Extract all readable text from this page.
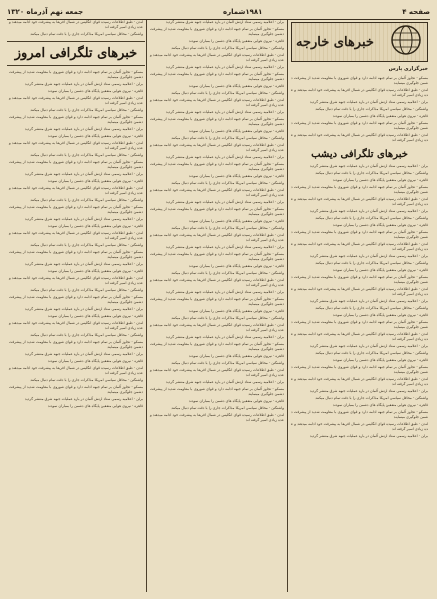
صفحه ۴
۱۹۸۱شماره
جمعه نهم آذرماه ۱۳۲۰

لندن - طبق اطلاعات رسیده قوای انگلیس در شمال افریقا به پیشرفت خود ادامه میدهند و عده زیادی اسیر گرفته اند

واشنگتن - محافل سیاسی امریکا مذاکرات جاری را با دقت تمام دنبال میکنند

خبرهای تلگرافی امروز

مسکو - تجاوز آلمان بر تمام جبهه ادامه دارد و قوای شوروی با مقاومت شدید از پیشرفت دشمن جلوگیری مینمایند

برلن - اعلامیه رسمی ستاد ارتش آلمان در باره عملیات جبهه شرق منتشر گردید

قاهره - نیروی هوایی متفقین پایگاه های دشمن را بمباران نمودند

لندن - طبق اطلاعات رسیده قوای انگلیس در شمال افریقا به پیشرفت خود ادامه میدهند و عده زیادی اسیر گرفته اند

واشنگتن - محافل سیاسی امریکا مذاکرات جاری را با دقت تمام دنبال میکنند

مسکو - تجاوز آلمان بر تمام جبهه ادامه دارد و قوای شوروی با مقاومت شدید از پیشرفت دشمن جلوگیری مینمایند

برلن - اعلامیه رسمی ستاد ارتش آلمان در باره عملیات جبهه شرق منتشر گردید

قاهره - نیروی هوایی متفقین پایگاه های دشمن را بمباران نمودند

لندن - طبق اطلاعات رسیده قوای انگلیس در شمال افریقا به پیشرفت خود ادامه میدهند و عده زیادی اسیر گرفته اند

واشنگتن - محافل سیاسی امریکا مذاکرات جاری را با دقت تمام دنبال میکنند

مسکو - تجاوز آلمان بر تمام جبهه ادامه دارد و قوای شوروی با مقاومت شدید از پیشرفت دشمن جلوگیری مینمایند

برلن - اعلامیه رسمی ستاد ارتش آلمان در باره عملیات جبهه شرق منتشر گردید

قاهره - نیروی هوایی متفقین پایگاه های دشمن را بمباران نمودند

لندن - طبق اطلاعات رسیده قوای انگلیس در شمال افریقا به پیشرفت خود ادامه میدهند و عده زیادی اسیر گرفته اند

واشنگتن - محافل سیاسی امریکا مذاکرات جاری را با دقت تمام دنبال میکنند

مسکو - تجاوز آلمان بر تمام جبهه ادامه دارد و قوای شوروی با مقاومت شدید از پیشرفت دشمن جلوگیری مینمایند

برلن - اعلامیه رسمی ستاد ارتش آلمان در باره عملیات جبهه شرق منتشر گردید

قاهره - نیروی هوایی متفقین پایگاه های دشمن را بمباران نمودند

لندن - طبق اطلاعات رسیده قوای انگلیس در شمال افریقا به پیشرفت خود ادامه میدهند و عده زیادی اسیر گرفته اند

واشنگتن - محافل سیاسی امریکا مذاکرات جاری را با دقت تمام دنبال میکنند

مسکو - تجاوز آلمان بر تمام جبهه ادامه دارد و قوای شوروی با مقاومت شدید از پیشرفت دشمن جلوگیری مینمایند

برلن - اعلامیه رسمی ستاد ارتش آلمان در باره عملیات جبهه شرق منتشر گردید

قاهره - نیروی هوایی متفقین پایگاه های دشمن را بمباران نمودند

لندن - طبق اطلاعات رسیده قوای انگلیس در شمال افریقا به پیشرفت خود ادامه میدهند و عده زیادی اسیر گرفته اند

واشنگتن - محافل سیاسی امریکا مذاکرات جاری را با دقت تمام دنبال میکنند

مسکو - تجاوز آلمان بر تمام جبهه ادامه دارد و قوای شوروی با مقاومت شدید از پیشرفت دشمن جلوگیری مینمایند

برلن - اعلامیه رسمی ستاد ارتش آلمان در باره عملیات جبهه شرق منتشر گردید

قاهره - نیروی هوایی متفقین پایگاه های دشمن را بمباران نمودند

لندن - طبق اطلاعات رسیده قوای انگلیس در شمال افریقا به پیشرفت خود ادامه میدهند و عده زیادی اسیر گرفته اند

واشنگتن - محافل سیاسی امریکا مذاکرات جاری را با دقت تمام دنبال میکنند

مسکو - تجاوز آلمان بر تمام جبهه ادامه دارد و قوای شوروی با مقاومت شدید از پیشرفت دشمن جلوگیری مینمایند

برلن - اعلامیه رسمی ستاد ارتش آلمان در باره عملیات جبهه شرق منتشر گردید

قاهره - نیروی هوایی متفقین پایگاه های دشمن را بمباران نمودند

لندن - طبق اطلاعات رسیده قوای انگلیس در شمال افریقا به پیشرفت خود ادامه میدهند و عده زیادی اسیر گرفته اند

واشنگتن - محافل سیاسی امریکا مذاکرات جاری را با دقت تمام دنبال میکنند

مسکو - تجاوز آلمان بر تمام جبهه ادامه دارد و قوای شوروی با مقاومت شدید از پیشرفت دشمن جلوگیری مینمایند

برلن - اعلامیه رسمی ستاد ارتش آلمان در باره عملیات جبهه شرق منتشر گردید

قاهره - نیروی هوایی متفقین پایگاه های دشمن را بمباران نمودند

برلن - اعلامیه رسمی ستاد ارتش آلمان در باره عملیات جبهه شرق منتشر گردید

مسکو - تجاوز آلمان بر تمام جبهه ادامه دارد و قوای شوروی با مقاومت شدید از پیشرفت دشمن جلوگیری مینمایند

قاهره - نیروی هوایی متفقین پایگاه های دشمن را بمباران نمودند

واشنگتن - محافل سیاسی امریکا مذاکرات جاری را با دقت تمام دنبال میکنند

لندن - طبق اطلاعات رسیده قوای انگلیس در شمال افریقا به پیشرفت خود ادامه میدهند و عده زیادی اسیر گرفته اند

برلن - اعلامیه رسمی ستاد ارتش آلمان در باره عملیات جبهه شرق منتشر گردید

مسکو - تجاوز آلمان بر تمام جبهه ادامه دارد و قوای شوروی با مقاومت شدید از پیشرفت دشمن جلوگیری مینمایند

قاهره - نیروی هوایی متفقین پایگاه های دشمن را بمباران نمودند

واشنگتن - محافل سیاسی امریکا مذاکرات جاری را با دقت تمام دنبال میکنند

لندن - طبق اطلاعات رسیده قوای انگلیس در شمال افریقا به پیشرفت خود ادامه میدهند و عده زیادی اسیر گرفته اند

برلن - اعلامیه رسمی ستاد ارتش آلمان در باره عملیات جبهه شرق منتشر گردید

مسکو - تجاوز آلمان بر تمام جبهه ادامه دارد و قوای شوروی با مقاومت شدید از پیشرفت دشمن جلوگیری مینمایند

قاهره - نیروی هوایی متفقین پایگاه های دشمن را بمباران نمودند

واشنگتن - محافل سیاسی امریکا مذاکرات جاری را با دقت تمام دنبال میکنند

لندن - طبق اطلاعات رسیده قوای انگلیس در شمال افریقا به پیشرفت خود ادامه میدهند و عده زیادی اسیر گرفته اند

برلن - اعلامیه رسمی ستاد ارتش آلمان در باره عملیات جبهه شرق منتشر گردید

مسکو - تجاوز آلمان بر تمام جبهه ادامه دارد و قوای شوروی با مقاومت شدید از پیشرفت دشمن جلوگیری مینمایند

قاهره - نیروی هوایی متفقین پایگاه های دشمن را بمباران نمودند

واشنگتن - محافل سیاسی امریکا مذاکرات جاری را با دقت تمام دنبال میکنند

لندن - طبق اطلاعات رسیده قوای انگلیس در شمال افریقا به پیشرفت خود ادامه میدهند و عده زیادی اسیر گرفته اند

برلن - اعلامیه رسمی ستاد ارتش آلمان در باره عملیات جبهه شرق منتشر گردید

مسکو - تجاوز آلمان بر تمام جبهه ادامه دارد و قوای شوروی با مقاومت شدید از پیشرفت دشمن جلوگیری مینمایند

قاهره - نیروی هوایی متفقین پایگاه های دشمن را بمباران نمودند

واشنگتن - محافل سیاسی امریکا مذاکرات جاری را با دقت تمام دنبال میکنند

لندن - طبق اطلاعات رسیده قوای انگلیس در شمال افریقا به پیشرفت خود ادامه میدهند و عده زیادی اسیر گرفته اند

برلن - اعلامیه رسمی ستاد ارتش آلمان در باره عملیات جبهه شرق منتشر گردید

مسکو - تجاوز آلمان بر تمام جبهه ادامه دارد و قوای شوروی با مقاومت شدید از پیشرفت دشمن جلوگیری مینمایند

قاهره - نیروی هوایی متفقین پایگاه های دشمن را بمباران نمودند

واشنگتن - محافل سیاسی امریکا مذاکرات جاری را با دقت تمام دنبال میکنند

لندن - طبق اطلاعات رسیده قوای انگلیس در شمال افریقا به پیشرفت خود ادامه میدهند و عده زیادی اسیر گرفته اند

برلن - اعلامیه رسمی ستاد ارتش آلمان در باره عملیات جبهه شرق منتشر گردید

مسکو - تجاوز آلمان بر تمام جبهه ادامه دارد و قوای شوروی با مقاومت شدید از پیشرفت دشمن جلوگیری مینمایند

قاهره - نیروی هوایی متفقین پایگاه های دشمن را بمباران نمودند

واشنگتن - محافل سیاسی امریکا مذاکرات جاری را با دقت تمام دنبال میکنند

لندن - طبق اطلاعات رسیده قوای انگلیس در شمال افریقا به پیشرفت خود ادامه میدهند و عده زیادی اسیر گرفته اند

برلن - اعلامیه رسمی ستاد ارتش آلمان در باره عملیات جبهه شرق منتشر گردید

مسکو - تجاوز آلمان بر تمام جبهه ادامه دارد و قوای شوروی با مقاومت شدید از پیشرفت دشمن جلوگیری مینمایند

قاهره - نیروی هوایی متفقین پایگاه های دشمن را بمباران نمودند

واشنگتن - محافل سیاسی امریکا مذاکرات جاری را با دقت تمام دنبال میکنند

لندن - طبق اطلاعات رسیده قوای انگلیس در شمال افریقا به پیشرفت خود ادامه میدهند و عده زیادی اسیر گرفته اند

برلن - اعلامیه رسمی ستاد ارتش آلمان در باره عملیات جبهه شرق منتشر گردید

مسکو - تجاوز آلمان بر تمام جبهه ادامه دارد و قوای شوروی با مقاومت شدید از پیشرفت دشمن جلوگیری مینمایند

قاهره - نیروی هوایی متفقین پایگاه های دشمن را بمباران نمودند

واشنگتن - محافل سیاسی امریکا مذاکرات جاری را با دقت تمام دنبال میکنند

لندن - طبق اطلاعات رسیده قوای انگلیس در شمال افریقا به پیشرفت خود ادامه میدهند و عده زیادی اسیر گرفته اند

خبرهای خارجه
خبرگزاری پارس

مسکو - تجاوز آلمان بر تمام جبهه ادامه دارد و قوای شوروی با مقاومت شدید از پیشرفت دشمن جلوگیری مینمایند

لندن - طبق اطلاعات رسیده قوای انگلیس در شمال افریقا به پیشرفت خود ادامه میدهند و عده زیادی اسیر گرفته اند

برلن - اعلامیه رسمی ستاد ارتش آلمان در باره عملیات جبهه شرق منتشر گردید

واشنگتن - محافل سیاسی امریکا مذاکرات جاری را با دقت تمام دنبال میکنند

قاهره - نیروی هوایی متفقین پایگاه های دشمن را بمباران نمودند

مسکو - تجاوز آلمان بر تمام جبهه ادامه دارد و قوای شوروی با مقاومت شدید از پیشرفت دشمن جلوگیری مینمایند

لندن - طبق اطلاعات رسیده قوای انگلیس در شمال افریقا به پیشرفت خود ادامه میدهند و عده زیادی اسیر گرفته اند

خبرهای تلگرافی دیشب

برلن - اعلامیه رسمی ستاد ارتش آلمان در باره عملیات جبهه شرق منتشر گردید

واشنگتن - محافل سیاسی امریکا مذاکرات جاری را با دقت تمام دنبال میکنند

قاهره - نیروی هوایی متفقین پایگاه های دشمن را بمباران نمودند

مسکو - تجاوز آلمان بر تمام جبهه ادامه دارد و قوای شوروی با مقاومت شدید از پیشرفت دشمن جلوگیری مینمایند

لندن - طبق اطلاعات رسیده قوای انگلیس در شمال افریقا به پیشرفت خود ادامه میدهند و عده زیادی اسیر گرفته اند

برلن - اعلامیه رسمی ستاد ارتش آلمان در باره عملیات جبهه شرق منتشر گردید

واشنگتن - محافل سیاسی امریکا مذاکرات جاری را با دقت تمام دنبال میکنند

قاهره - نیروی هوایی متفقین پایگاه های دشمن را بمباران نمودند

مسکو - تجاوز آلمان بر تمام جبهه ادامه دارد و قوای شوروی با مقاومت شدید از پیشرفت دشمن جلوگیری مینمایند

لندن - طبق اطلاعات رسیده قوای انگلیس در شمال افریقا به پیشرفت خود ادامه میدهند و عده زیادی اسیر گرفته اند

برلن - اعلامیه رسمی ستاد ارتش آلمان در باره عملیات جبهه شرق منتشر گردید

واشنگتن - محافل سیاسی امریکا مذاکرات جاری را با دقت تمام دنبال میکنند

قاهره - نیروی هوایی متفقین پایگاه های دشمن را بمباران نمودند

مسکو - تجاوز آلمان بر تمام جبهه ادامه دارد و قوای شوروی با مقاومت شدید از پیشرفت دشمن جلوگیری مینمایند

لندن - طبق اطلاعات رسیده قوای انگلیس در شمال افریقا به پیشرفت خود ادامه میدهند و عده زیادی اسیر گرفته اند

برلن - اعلامیه رسمی ستاد ارتش آلمان در باره عملیات جبهه شرق منتشر گردید

واشنگتن - محافل سیاسی امریکا مذاکرات جاری را با دقت تمام دنبال میکنند

قاهره - نیروی هوایی متفقین پایگاه های دشمن را بمباران نمودند

مسکو - تجاوز آلمان بر تمام جبهه ادامه دارد و قوای شوروی با مقاومت شدید از پیشرفت دشمن جلوگیری مینمایند

لندن - طبق اطلاعات رسیده قوای انگلیس در شمال افریقا به پیشرفت خود ادامه میدهند و عده زیادی اسیر گرفته اند

برلن - اعلامیه رسمی ستاد ارتش آلمان در باره عملیات جبهه شرق منتشر گردید

واشنگتن - محافل سیاسی امریکا مذاکرات جاری را با دقت تمام دنبال میکنند

قاهره - نیروی هوایی متفقین پایگاه های دشمن را بمباران نمودند

مسکو - تجاوز آلمان بر تمام جبهه ادامه دارد و قوای شوروی با مقاومت شدید از پیشرفت دشمن جلوگیری مینمایند

لندن - طبق اطلاعات رسیده قوای انگلیس در شمال افریقا به پیشرفت خود ادامه میدهند و عده زیادی اسیر گرفته اند

برلن - اعلامیه رسمی ستاد ارتش آلمان در باره عملیات جبهه شرق منتشر گردید

واشنگتن - محافل سیاسی امریکا مذاکرات جاری را با دقت تمام دنبال میکنند

قاهره - نیروی هوایی متفقین پایگاه های دشمن را بمباران نمودند

مسکو - تجاوز آلمان بر تمام جبهه ادامه دارد و قوای شوروی با مقاومت شدید از پیشرفت دشمن جلوگیری مینمایند

لندن - طبق اطلاعات رسیده قوای انگلیس در شمال افریقا به پیشرفت خود ادامه میدهند و عده زیادی اسیر گرفته اند

برلن - اعلامیه رسمی ستاد ارتش آلمان در باره عملیات جبهه شرق منتشر گردید
